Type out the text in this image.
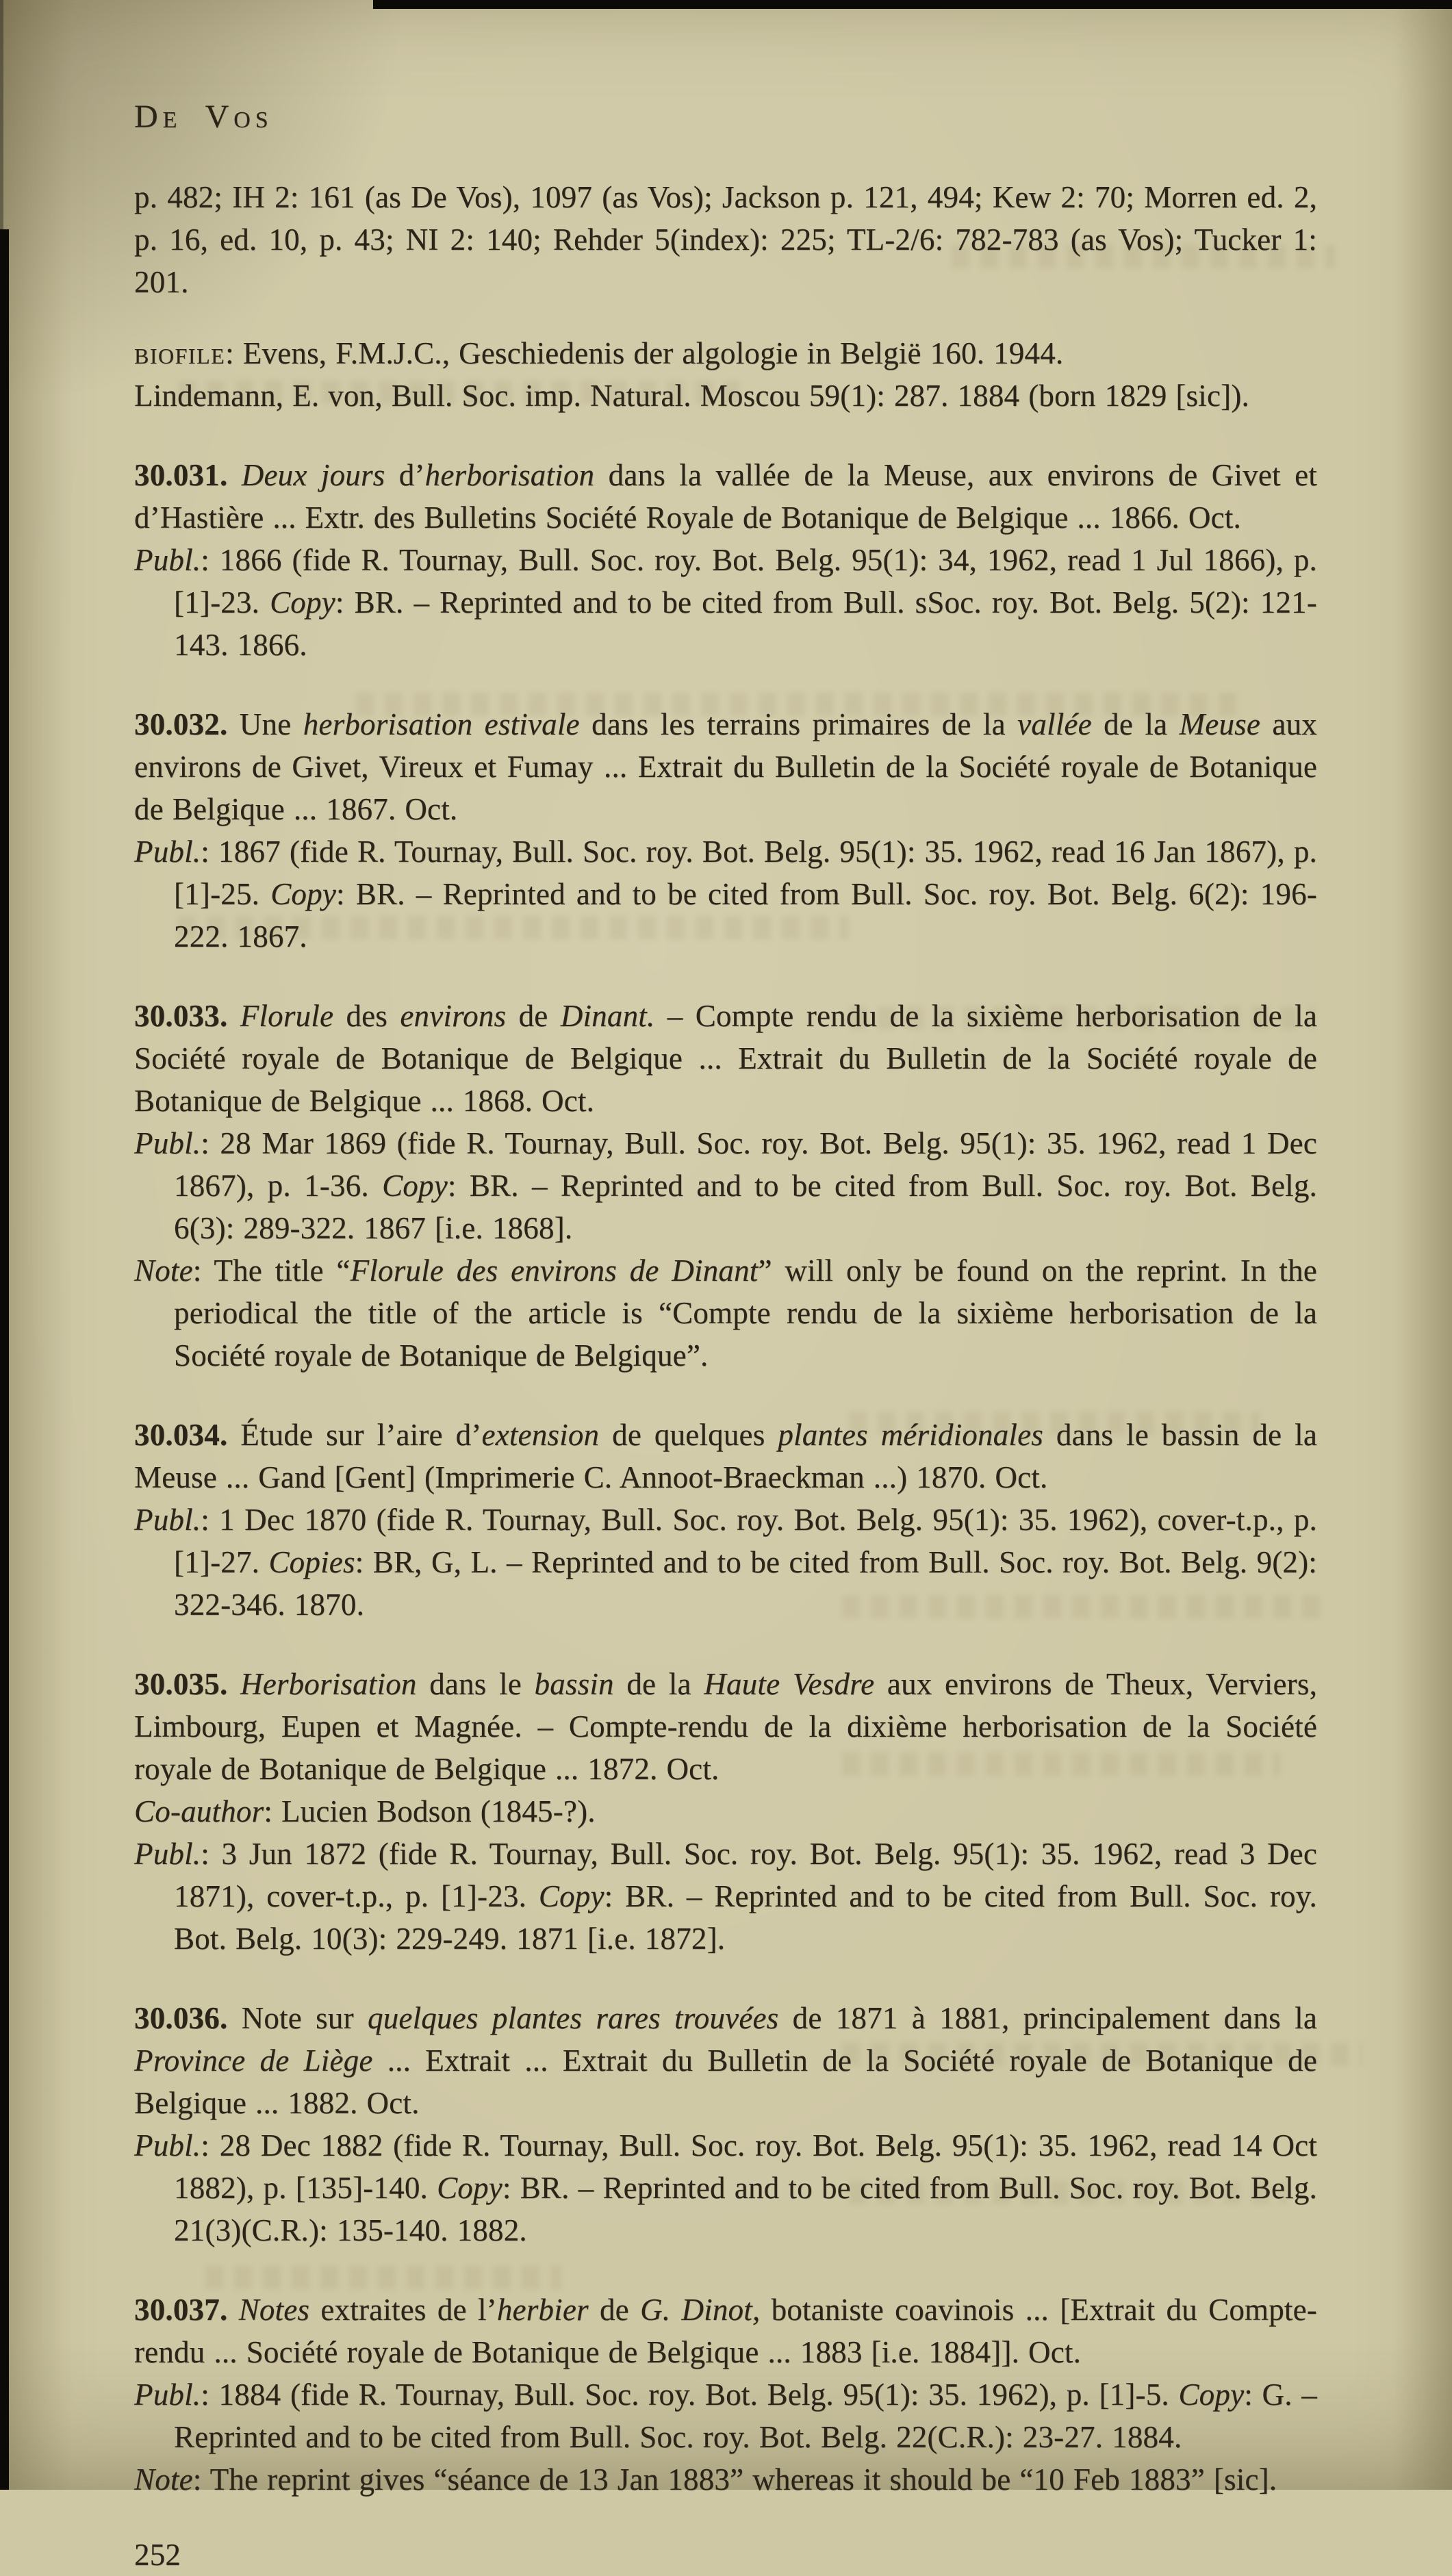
De Vos
p. 482; IH 2: 161 (as De Vos), 1097 (as Vos); Jackson p. 121, 494; Kew 2: 70; Morren ed. 2, p. 16, ed. 10, p. 43; NI 2: 140; Rehder 5(index): 225; TL-2/6: 782-783 (as Vos); Tucker 1: 201.
biofile: Evens, F.M.J.C., Geschiedenis der algologie in België 160. 1944.
Lindemann, E. von, Bull. Soc. imp. Natural. Moscou 59(1): 287. 1884 (born 1829 [sic]).
30.031. Deux jours d’herborisation dans la vallée de la Meuse, aux environs de Givet et d’Hastière ... Extr. des Bulletins Société Royale de Botanique de Belgique ... 1866. Oct.
Publ.: 1866 (fide R. Tournay, Bull. Soc. roy. Bot. Belg. 95(1): 34, 1962, read 1 Jul 1866), p. [1]-23. Copy: BR. – Reprinted and to be cited from Bull. sSoc. roy. Bot. Belg. 5(2): 121-143. 1866.
30.032. Une herborisation estivale dans les terrains primaires de la vallée de la Meuse aux environs de Givet, Vireux et Fumay ... Extrait du Bulletin de la Société royale de Botanique de Belgique ... 1867. Oct.
Publ.: 1867 (fide R. Tournay, Bull. Soc. roy. Bot. Belg. 95(1): 35. 1962, read 16 Jan 1867), p. [1]-25. Copy: BR. – Reprinted and to be cited from Bull. Soc. roy. Bot. Belg. 6(2): 196-222. 1867.
30.033. Florule des environs de Dinant. – Compte rendu de la sixième herborisation de la Société royale de Botanique de Belgique ... Extrait du Bulletin de la Société royale de Botanique de Belgique ... 1868. Oct.
Publ.: 28 Mar 1869 (fide R. Tournay, Bull. Soc. roy. Bot. Belg. 95(1): 35. 1962, read 1 Dec 1867), p. 1-36. Copy: BR. – Reprinted and to be cited from Bull. Soc. roy. Bot. Belg. 6(3): 289-322. 1867 [i.e. 1868].
Note: The title “Florule des environs de Dinant” will only be found on the reprint. In the periodical the title of the article is “Compte rendu de la sixième herborisation de la Société royale de Botanique de Belgique”.
30.034. Étude sur l’aire d’extension de quelques plantes méridionales dans le bassin de la Meuse ... Gand [Gent] (Imprimerie C. Annoot-Braeckman ...) 1870. Oct.
Publ.: 1 Dec 1870 (fide R. Tournay, Bull. Soc. roy. Bot. Belg. 95(1): 35. 1962), cover-t.p., p. [1]-27. Copies: BR, G, L. – Reprinted and to be cited from Bull. Soc. roy. Bot. Belg. 9(2): 322-346. 1870.
30.035. Herborisation dans le bassin de la Haute Vesdre aux environs de Theux, Verviers, Limbourg, Eupen et Magnée. – Compte-rendu de la dixième herborisation de la Société royale de Botanique de Belgique ... 1872. Oct.
Co-author: Lucien Bodson (1845-?).
Publ.: 3 Jun 1872 (fide R. Tournay, Bull. Soc. roy. Bot. Belg. 95(1): 35. 1962, read 3 Dec 1871), cover-t.p., p. [1]-23. Copy: BR. – Reprinted and to be cited from Bull. Soc. roy. Bot. Belg. 10(3): 229-249. 1871 [i.e. 1872].
30.036. Note sur quelques plantes rares trouvées de 1871 à 1881, principalement dans la Province de Liège ... Extrait ... Extrait du Bulletin de la Société royale de Botanique de Belgique ... 1882. Oct.
Publ.: 28 Dec 1882 (fide R. Tournay, Bull. Soc. roy. Bot. Belg. 95(1): 35. 1962, read 14 Oct 1882), p. [135]-140. Copy: BR. – Reprinted and to be cited from Bull. Soc. roy. Bot. Belg. 21(3)(C.R.): 135-140. 1882.
30.037. Notes extraites de l’herbier de G. Dinot, botaniste coavinois ... [Extrait du Compte-rendu ... Société royale de Botanique de Belgique ... 1883 [i.e. 1884]]. Oct.
Publ.: 1884 (fide R. Tournay, Bull. Soc. roy. Bot. Belg. 95(1): 35. 1962), p. [1]-5. Copy: G. – Reprinted and to be cited from Bull. Soc. roy. Bot. Belg. 22(C.R.): 23-27. 1884.
Note: The reprint gives “séance de 13 Jan 1883” whereas it should be “10 Feb 1883” [sic].
252
